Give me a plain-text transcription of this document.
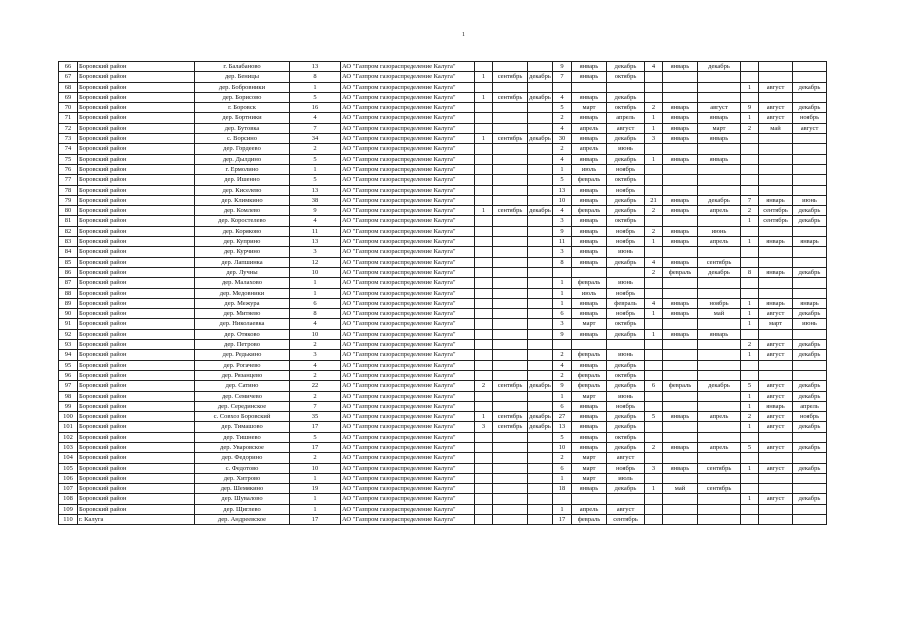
1
66	Боровский район	г. Балабаново	13	АО "Газпром газораспределение Калуга"				9	январь	декабрь	4	январь	декабрь			
67	Боровский район	дер. Беницы	8	АО "Газпром газораспределение Калуга"	1	сентябрь	декабрь	7	январь	октябрь						
68	Боровский район	дер. Бобровники	1	АО "Газпром газораспределение Калуга"										1	август	декабрь
69	Боровский район	дер. Борисово	5	АО "Газпром газораспределение Калуга"	1	сентябрь	декабрь	4	январь	декабрь						
70	Боровский район	г. Боровск	16	АО "Газпром газораспределение Калуга"				5	март	октябрь	2	январь	август	9	август	декабрь
71	Боровский район	дер. Бортники	4	АО "Газпром газораспределение Калуга"				2	январь	апрель	1	январь	январь	1	август	ноябрь
72	Боровский район	дер. Бутовка	7	АО "Газпром газораспределение Калуга"				4	апрель	август	1	январь	март	2	май	август
73	Боровский район	с. Ворсино	34	АО "Газпром газораспределение Калуга"	1	сентябрь	декабрь	30	январь	декабрь	3	январь	январь			
74	Боровский район	дер. Гордеево	2	АО "Газпром газораспределение Калуга"				2	апрель	июнь						
75	Боровский район	дер. Дылдино	5	АО "Газпром газораспределение Калуга"				4	январь	декабрь	1	январь	январь			
76	Боровский район	г. Ермолино	1	АО "Газпром газораспределение Калуга"				1	июль	ноябрь						
77	Боровский район	дер. Ишенно	5	АО "Газпром газораспределение Калуга"				5	февраль	октябрь						
78	Боровский район	дер. Киселево	13	АО "Газпром газораспределение Калуга"				13	январь	ноябрь						
79	Боровский район	дер. Климкино	38	АО "Газпром газораспределение Калуга"				10	январь	декабрь	21	январь	декабрь	7	январь	июнь
80	Боровский район	дер. Комлево	9	АО "Газпром газораспределение Калуга"	1	сентябрь	декабрь	4	февраль	декабрь	2	январь	апрель	2	сентябрь	декабрь
81	Боровский район	дер. Коростелево	4	АО "Газпром газораспределение Калуга"				3	январь	октябрь				1	сентябрь	декабрь
82	Боровский район	дер. Коряково	11	АО "Газпром газораспределение Калуга"				9	январь	ноябрь	2	январь	июнь			
83	Боровский район	дер. Куприно	13	АО "Газпром газораспределение Калуга"				11	январь	ноябрь	1	январь	апрель	1	январь	январь
84	Боровский район	дер. Курчино	3	АО "Газпром газораспределение Калуга"				3	январь	июнь						
85	Боровский район	дер. Лапшинка	12	АО "Газпром газораспределение Калуга"				8	январь	декабрь	4	январь	сентябрь			
86	Боровский район	дер. Лучны	10	АО "Газпром газораспределение Калуга"							2	февраль	декабрь	8	январь	декабрь
87	Боровский район	дер. Малахово	1	АО "Газпром газораспределение Калуга"				1	февраль	июнь						
88	Боровский район	дер. Медовники	1	АО "Газпром газораспределение Калуга"				1	июль	ноябрь						
89	Боровский район	дер. Межура	6	АО "Газпром газораспределение Калуга"				1	январь	февраль	4	январь	ноябрь	1	январь	январь
90	Боровский район	дер. Митяево	8	АО "Газпром газораспределение Калуга"				6	январь	ноябрь	1	январь	май	1	август	декабрь
91	Боровский район	дер. Николаевка	4	АО "Газпром газораспределение Калуга"				3	март	октябрь				1	март	июнь
92	Боровский район	дер. Отяково	10	АО "Газпром газораспределение Калуга"				9	январь	декабрь	1	январь	январь			
93	Боровский район	дер. Петрово	2	АО "Газпром газораспределение Калуга"										2	август	декабрь
94	Боровский район	дер. Редькино	3	АО "Газпром газораспределение Калуга"				2	февраль	июнь				1	август	декабрь
95	Боровский район	дер. Рогачево	4	АО "Газпром газораспределение Калуга"				4	январь	декабрь						
96	Боровский район	дер. Рязанцево	2	АО "Газпром газораспределение Калуга"				2	февраль	октябрь						
97	Боровский район	дер. Сатино	22	АО "Газпром газораспределение Калуга"	2	сентябрь	декабрь	9	февраль	декабрь	6	февраль	декабрь	5	август	декабрь
98	Боровский район	дер. Семичево	2	АО "Газпром газораспределение Калуга"				1	март	июнь				1	август	декабрь
99	Боровский район	дер. Серединское	7	АО "Газпром газораспределение Калуга"				6	январь	ноябрь				1	январь	апрель
100	Боровский район	с. Совхоз Боровский	35	АО "Газпром газораспределение Калуга"	1	сентябрь	декабрь	27	январь	декабрь	5	январь	апрель	2	август	ноябрь
101	Боровский район	дер. Тимашово	17	АО "Газпром газораспределение Калуга"	3	сентябрь	декабрь	13	январь	декабрь				1	август	декабрь
102	Боровский район	дер. Тишнево	5	АО "Газпром газораспределение Калуга"				5	январь	октябрь						
103	Боровский район	дер. Уваровское	17	АО "Газпром газораспределение Калуга"				10	январь	декабрь	2	январь	апрель	5	август	декабрь
104	Боровский район	дер. Федорино	2	АО "Газпром газораспределение Калуга"				2	март	август						
105	Боровский район	с. Федотово	10	АО "Газпром газораспределение Калуга"				6	март	ноябрь	3	январь	сентябрь	1	август	декабрь
106	Боровский район	дер. Хитрово	1	АО "Газпром газораспределение Калуга"				1	март	июль						
107	Боровский район	дер. Шемякино	19	АО "Газпром газораспределение Калуга"				18	январь	декабрь	1	май	сентябрь			
108	Боровский район	дер. Шувалово	1	АО "Газпром газораспределение Калуга"										1	август	декабрь
109	Боровский район	дер. Щиглево	1	АО "Газпром газораспределение Калуга"				1	апрель	август						
110	г. Калуга	дер. Андреевское	17	АО "Газпром газораспределение Калуга"				17	февраль	сентябрь						
